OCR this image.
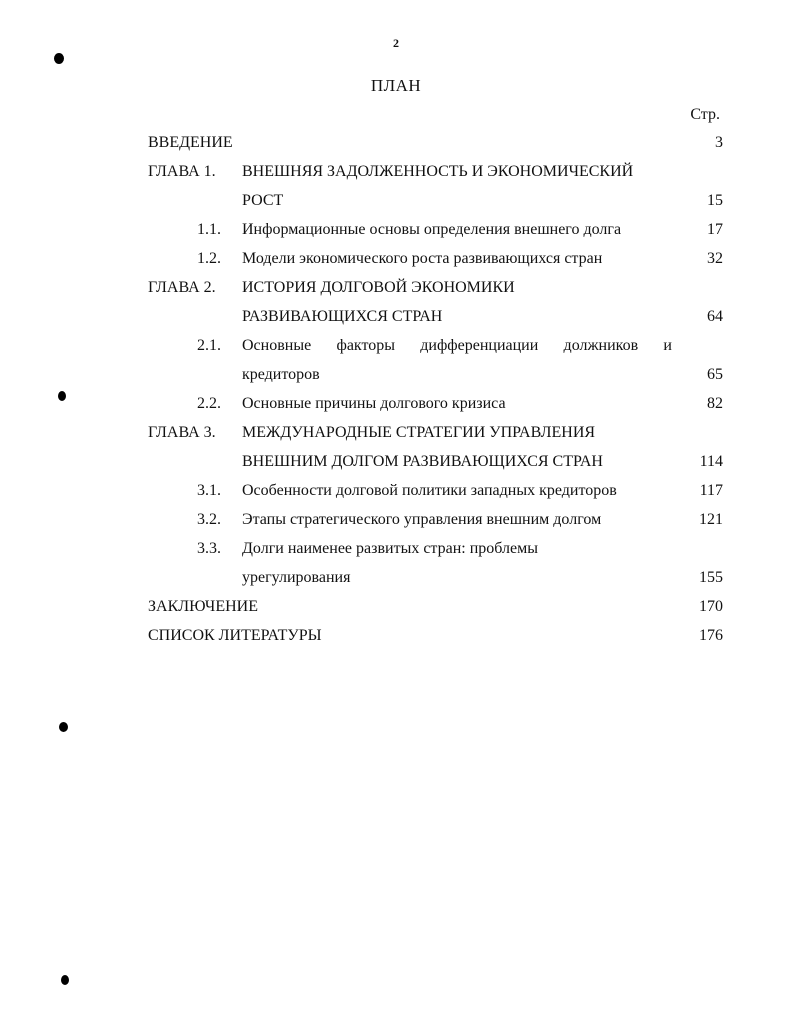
2
ПЛАН
Стр.
ВВЕДЕНИЕ	3
ГЛАВА 1. ВНЕШНЯЯ ЗАДОЛЖЕННОСТЬ И ЭКОНОМИЧЕСКИЙ
РОСТ	15
1.1. Информационные основы определения внешнего долга	17
1.2. Модели экономического роста развивающихся стран	32
ГЛАВА 2. ИСТОРИЯ ДОЛГОВОЙ ЭКОНОМИКИ
РАЗВИВАЮЩИХСЯ СТРАН	64
2.1. Основные факторы дифференциации должников и
кредиторов	65
2.2. Основные причины долгового кризиса	82
ГЛАВА 3. МЕЖДУНАРОДНЫЕ СТРАТЕГИИ УПРАВЛЕНИЯ
ВНЕШНИМ ДОЛГОМ РАЗВИВАЮЩИХСЯ СТРАН	114
3.1. Особенности долговой политики западных кредиторов	117
3.2. Этапы стратегического управления внешним долгом	121
3.3. Долги наименее развитых стран: проблемы
урегулирования	155
ЗАКЛЮЧЕНИЕ	170
СПИСОК ЛИТЕРАТУРЫ	176
